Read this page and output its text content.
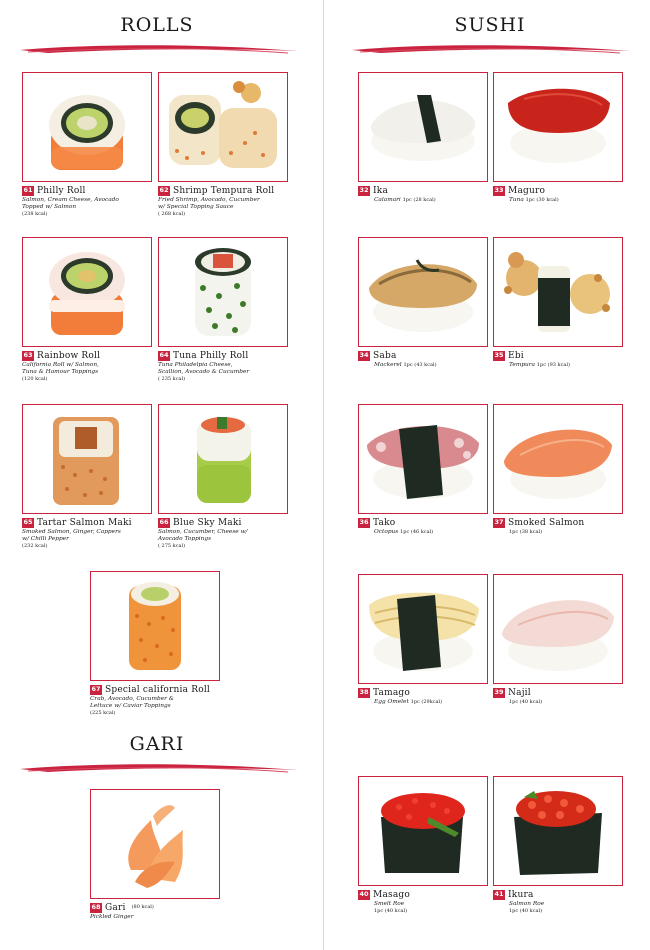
ROLLS	SUSHI
GARI
61 Philly Roll
Salmon, Cream Cheese, Avocado
Topped w/ Salmon
(238 kcal)
62 Shrimp Tempura Roll
Fried Shrimp, Avocado, Cucumber
w/ Special Topping Sauce
( 268 kcal)
63 Rainbow Roll
California Roll w/ Salmon,
Tuna & Hamour Toppings
(120 kcal)
64 Tuna Philly Roll
Tuna Philadelpia Cheese,
Scallion, Avocado & Cucumber
( 235 kcal)
65 Tartar Salmon Maki
Smoked Salmon, Ginger, Cappers
w/ Chilli Pepper
(232 kcal)
66 Blue Sky Maki
Salmon, Cucumber, Cheese w/
Avocado Toppings
( 275 kcal)
67 Special california Roll
Crab, Avocado, Cucumber &
Lettuce w/ Caviar Toppings
(225 kcal)
68 Gari (80 kcal)
Pickled Ginger
32 Ika
Calamari 1pc (28 kcal)
33 Maguro
Tuna 1pc (30 kcal)
34 Saba
Mackerel 1pc (43 kcal)
35 Ebi
Tempura 1pc (93 kcal)
36 Tako
Octopus 1pc (46 kcal)
37 Smoked Salmon
1pc (38 kcal)
38 Tamago
Egg Omelet 1pc (29kcal)
39 Najil
1pc (40 kcal)
40 Masago
Smelt Roe
1pc (40 kcal)
41 Ikura
Salmon Roe
1pc (40 kcal)
